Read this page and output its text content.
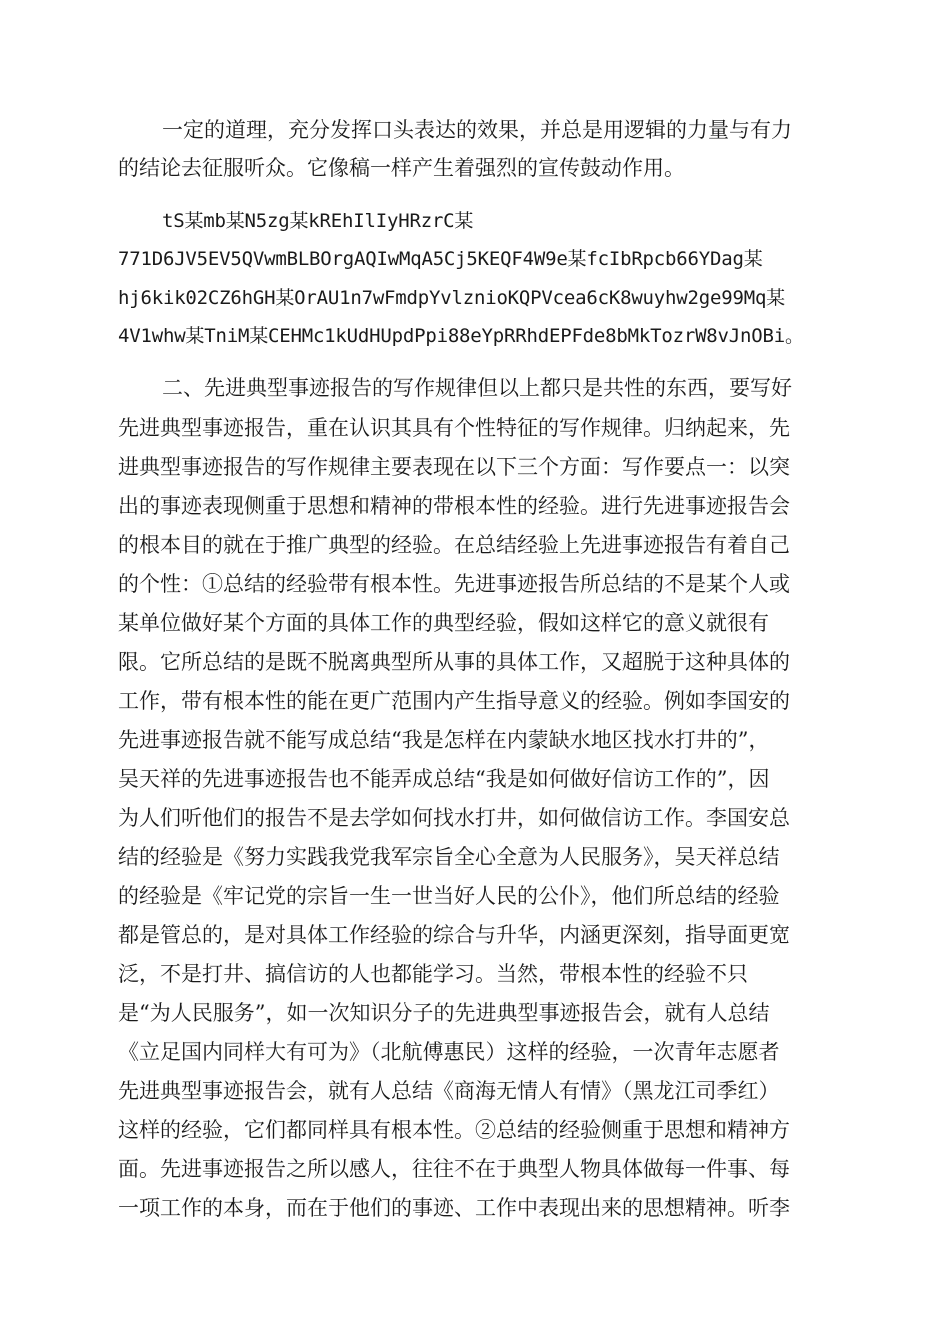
一定的道理，充分发挥口头表达的效果，并总是用逻辑的力量与有力
的结论去征服听众。它像稿一样产生着强烈的宣传鼓动作用。
tS某mb某N5zg某kREhIlIyHRzrC某
771D6JV5EV5QVwmBLBOrgAQIwMqA5Cj5KEQF4W9e某fcIbRpcb66YDag某
hj6kik02CZ6hGH某OrAU1n7wFmdpYvlznioKQPVcea6cK8wuyhw2ge99Mq某
4V1whw某TniM某CEHMc1kUdHUpdPpi88eYpRRhdEPFde8bMkTozrW8vJnOBi。
二、先进典型事迹报告的写作规律但以上都只是共性的东西，要写好
先进典型事迹报告，重在认识其具有个性特征的写作规律。归纳起来，先
进典型事迹报告的写作规律主要表现在以下三个方面：写作要点一：以突
出的事迹表现侧重于思想和精神的带根本性的经验。进行先进事迹报告会
的根本目的就在于推广典型的经验。在总结经验上先进事迹报告有着自己
的个性：①总结的经验带有根本性。先进事迹报告所总结的不是某个人或
某单位做好某个方面的具体工作的典型经验，假如这样它的意义就很有
限。它所总结的是既不脱离典型所从事的具体工作，又超脱于这种具体的
工作，带有根本性的能在更广范围内产生指导意义的经验。例如李国安的
先进事迹报告就不能写成总结“我是怎样在内蒙缺水地区找水打井的”，
吴天祥的先进事迹报告也不能弄成总结“我是如何做好信访工作的”，因
为人们听他们的报告不是去学如何找水打井，如何做信访工作。李国安总
结的经验是《努力实践我党我军宗旨全心全意为人民服务》，吴天祥总结
的经验是《牢记党的宗旨一生一世当好人民的公仆》，他们所总结的经验
都是管总的，是对具体工作经验的综合与升华，内涵更深刻，指导面更宽
泛，不是打井、搞信访的人也都能学习。当然，带根本性的经验不只
是“为人民服务”，如一次知识分子的先进典型事迹报告会，就有人总结
《立足国内同样大有可为》（北航傅惠民）这样的经验，一次青年志愿者
先进典型事迹报告会，就有人总结《商海无情人有情》（黑龙江司季红）
这样的经验，它们都同样具有根本性。②总结的经验侧重于思想和精神方
面。先进事迹报告之所以感人，往往不在于典型人物具体做每一件事、每
一项工作的本身，而在于他们的事迹、工作中表现出来的思想精神。听李
